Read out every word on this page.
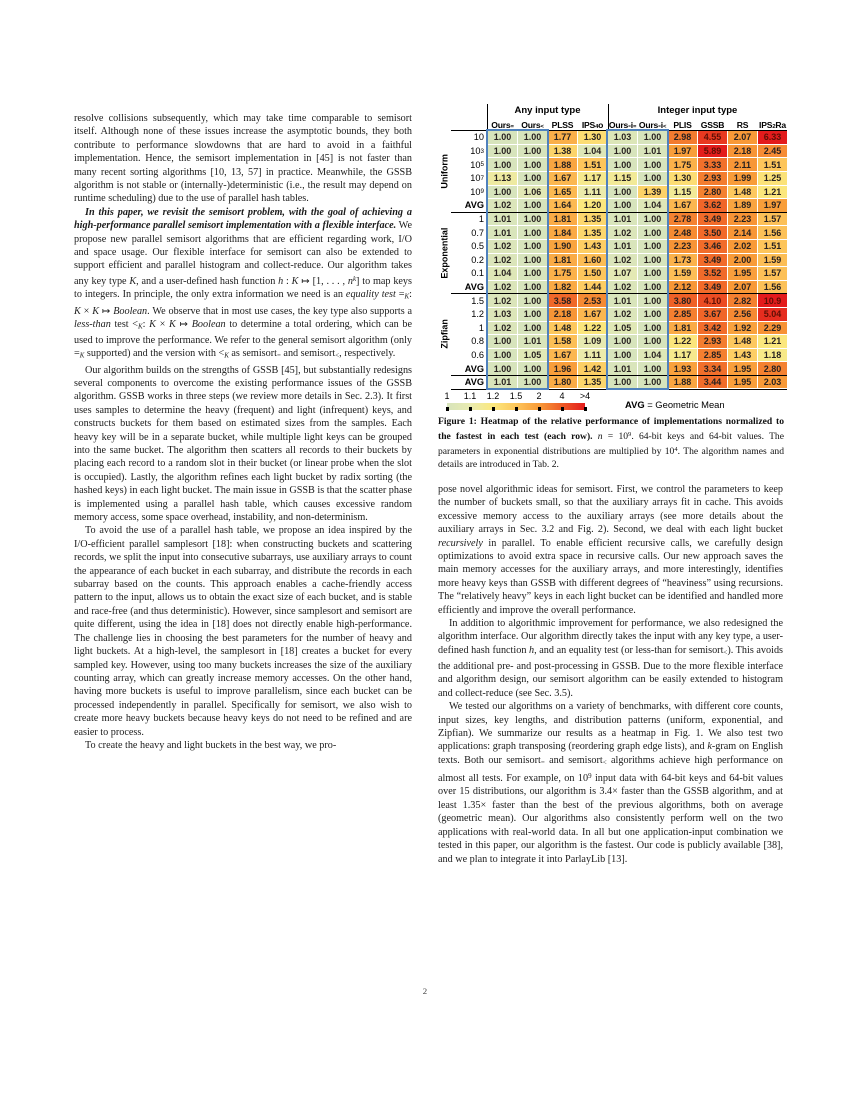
resolve collisions subsequently, which may take time comparable to semisort itself. Although none of these issues increase the asymptotic bounds, they both contribute to performance slowdowns that are hard to avoid in a faithful implementation. Hence, the semisort implementation in [45] is not faster than many recent sorting algorithms [10, 13, 57] in practice. Meanwhile, the GSSB algorithm is not stable or (internally-)deterministic (i.e., the result may depend on runtime scheduling) due to the use of parallel hash tables.
In this paper, we revisit the semisort problem, with the goal of achieving a high-performance parallel semisort implementation with a flexible interface. We propose new parallel semisort algorithms that are efficient regarding work, I/O and space usage. Our flexible interface for semisort can also be extended to support efficient and parallel histogram and collect-reduce. Our algorithm takes any key type K, and a user-defined hash function h : K ↦ [1, . . . , $n^k$] to map keys to integers. In principle, the only extra information we need is an equality test =K: K × K ↦ Boolean. We observe that in most use cases, the key type also supports a less-than test <K: K × K ↦ Boolean to determine a total ordering, which can be used to improve the performance. We refer to the general semisort algorithm (only =K supported) and the version with <K as semisort= and semisort<, respectively.
Our algorithm builds on the strengths of GSSB [45], but substantially redesigns several components to overcome the existing performance issues of the GSSB algorithm. GSSB works in three steps (we review more details in Sec. 2.3). It first uses samples to determine the heavy (frequent) and light (infrequent) keys, and constructs buckets for them based on estimated sizes from the samples. Each heavy key will be in a separate bucket, while multiple light keys can be grouped into the same bucket. The algorithm then scatters all records to their buckets by placing each record to a random slot in their bucket (or linear probe when the slot is occupied). Lastly, the algorithm refines each light bucket by radix sorting (the hashed keys) in each light bucket. The main issue in GSSB is that the scatter phase is implemented using a parallel hash table, which causes excessive random memory access, some space overhead, instability, and non-determinism.
To avoid the use of a parallel hash table, we propose an idea inspired by the I/O-efficient parallel samplesort [18]: when constructing buckets and scattering records, we split the input into consecutive subarrays, use auxiliary arrays to count the appearance of each bucket in each subarray, and distribute the records in each subarray based on the counts. This approach enables a cache-friendly access pattern to the input, allows us to obtain the exact size of each bucket, and is stable and race-free (and thus deterministic). However, since samplesort and semisort are quite different, using the idea in [18] does not directly enable high-performance. The challenge lies in choosing the best parameters for the number of heavy and light buckets. At a high-level, the samplesort in [18] creates a bucket for every sampled key. However, using too many buckets increases the size of the auxiliary counting array, which can greatly increase memory accesses. On the other hand, having more buckets is useful to improve parallelism, since each bucket can be processed independently in parallel. Specifically for semisort, we also wish to create more heavy buckets because heavy keys do not need to be refined and are easier to process.
To create the heavy and light buckets in the best way, we pro-
Any input type	Integer input type
Ours = Ours < PLSS IPS 4 o Ours-i = Ours-i < PLIS	GSSB	RS	IPS 2 Ra
10	1.00	1.00	1.77	1.30	1.03	1.00	2.98	4.55	2.07	6.33
10 3	1.00	1.00	1.38	1.04	1.00	1.01	1.97	5.89	2.18	2.45
10 5	1.00	1.00	1.88	1.51	1.00	1.00	1.75	3.33	2.11	1.51
10 7	1.13	1.00	1.67	1.17	1.15	1.00	1.30	2.93	1.99	1.25
10 9	1.00	1.06	1.65	1.11	1.00	1.39	1.15	2.80	1.48	1.21
AVG	1.02	1.00	1.64	1.20	1.00	1.04	1.67	3.62	1.89	1.97
1	1.01	1.00	1.81	1.35	1.01	1.00	2.78	3.49	2.23	1.57
0.7	1.01	1.00	1.84	1.35	1.02	1.00	2.48	3.50	2.14	1.56
0.5	1.02	1.00	1.90	1.43	1.01	1.00	2.23	3.46	2.02	1.51
0.2	1.02	1.00	1.81	1.60	1.02	1.00	1.73	3.49	2.00	1.59
0.1	1.04	1.00	1.75	1.50	1.07	1.00	1.59	3.52	1.95	1.57
AVG	1.02	1.00	1.82	1.44	1.02	1.00	2.12	3.49	2.07	1.56
1.5	1.02	1.00	3.58	2.53	1.01	1.00	3.80	4.10	2.82	10.9
1.2	1.03	1.00	2.18	1.67	1.02	1.00	2.85	3.67	2.56	5.04
1	1.02	1.00	1.48	1.22	1.05	1.00	1.81	3.42	1.92	2.29
0.8	1.00	1.01	1.58	1.09	1.00	1.00	1.22	2.93	1.48	1.21
0.6	1.00	1.05	1.67	1.11	1.00	1.04	1.17	2.85	1.43	1.18
AVG	1.00	1.00	1.96	1.42	1.01	1.00	1.93	3.34	1.95	2.80
AVG	1.01	1.00	1.80	1.35	1.00	1.00	1.88	3.44	1.95	2.03
Uniform
Exponential
Zipfian
1 1.1 1.2 1.5 2 4 >4
AVG = Geometric Mean
Figure 1: Heatmap of the relative performance of implementations normalized to the fastest in each test (each row). $n = 10^9$. 64-bit keys and 64-bit values. The parameters in exponential distributions are multiplied by $10^4$. The algorithm names and details are introduced in Tab. 2.
pose novel algorithmic ideas for semisort. First, we control the parameters to keep the number of buckets small, so that the auxiliary arrays fit in cache. This avoids excessive memory access to the auxiliary arrays (see more details about the auxiliary arrays in Sec. 3.2 and Fig. 2). Second, we deal with each light bucket recursively in parallel. To enable efficient recursive calls, we carefully design optimizations to avoid extra space in recursive calls. Our new approach saves the main memory accesses for the auxiliary arrays, and more interestingly, identifies more heavy keys than GSSB with different degrees of “heaviness” using recursions. The “relatively heavy” keys in each light bucket can be identified and handled more efficiently and improve the overall performance.
In addition to algorithmic improvement for performance, we also redesigned the algorithm interface. Our algorithm directly takes the input with any key type, a user-defined hash function h, and an equality test (or less-than for semisort<). This avoids the additional pre- and post-processing in GSSB. Due to the more flexible interface and algorithm design, our semisort algorithm can be easily extended to histogram and collect-reduce (see Sec. 3.5).
We tested our algorithms on a variety of benchmarks, with different core counts, input sizes, key lengths, and distribution patterns (uniform, exponential, and Zipfian). We summarize our results as a heatmap in Fig. 1. We also test two applications: graph transposing (reordering graph edge lists), and k-gram on English texts. Both our semisort= and semisort< algorithms achieve high performance on almost all tests. For example, on $10^9$ input data with 64-bit keys and 64-bit values over 15 distributions, our algorithm is 3.4× faster than the GSSB algorithm, and at least 1.35× faster than the best of the previous algorithms, both on average (geometric mean). Our algorithms also consistently perform well on the two applications with real-world data. In all but one application-input combination we tested in this paper, our algorithm is the fastest. Our code is publicly available [38], and we plan to integrate it into ParlayLib [13].
2
